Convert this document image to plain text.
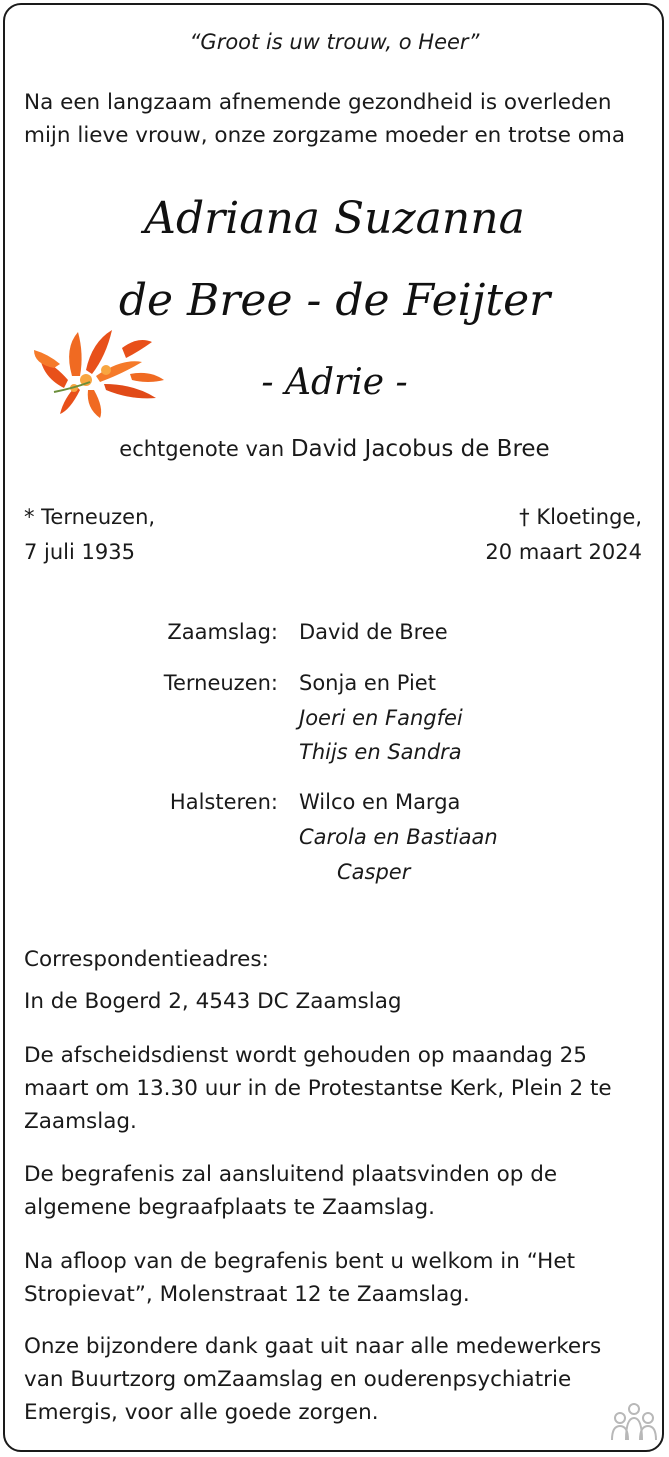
“Groot is uw trouw, o Heer”
Na een langzaam afnemende gezondheid is overleden
mijn lieve vrouw, onze zorgzame moeder en trotse oma
Adriana Suzanna
de Bree - de Feijter
- Adrie -
echtgenote van David Jacobus de Bree
* Terneuzen,
7 juli 1935
† Kloetinge,
20 maart 2024
Zaamslag: David de Bree
Terneuzen: Sonja en Piet
Joeri en Fangfei
Thijs en Sandra
Halsteren: Wilco en Marga
Carola en Bastiaan
Casper
Correspondentieadres:
In de Bogerd 2, 4543 DC Zaamslag
De afscheidsdienst wordt gehouden op maandag 25 maart om 13.30 uur in de Protestantse Kerk, Plein 2 te Zaamslag.
De begrafenis zal aansluitend plaatsvinden op de algemene begraafplaats te Zaamslag.
Na afloop van de begrafenis bent u welkom in “Het Stropievat”, Molenstraat 12 te Zaamslag.
Onze bijzondere dank gaat uit naar alle medewerkers van Buurtzorg omZaamslag en ouderenpsychiatrie Emergis, voor alle goede zorgen.
